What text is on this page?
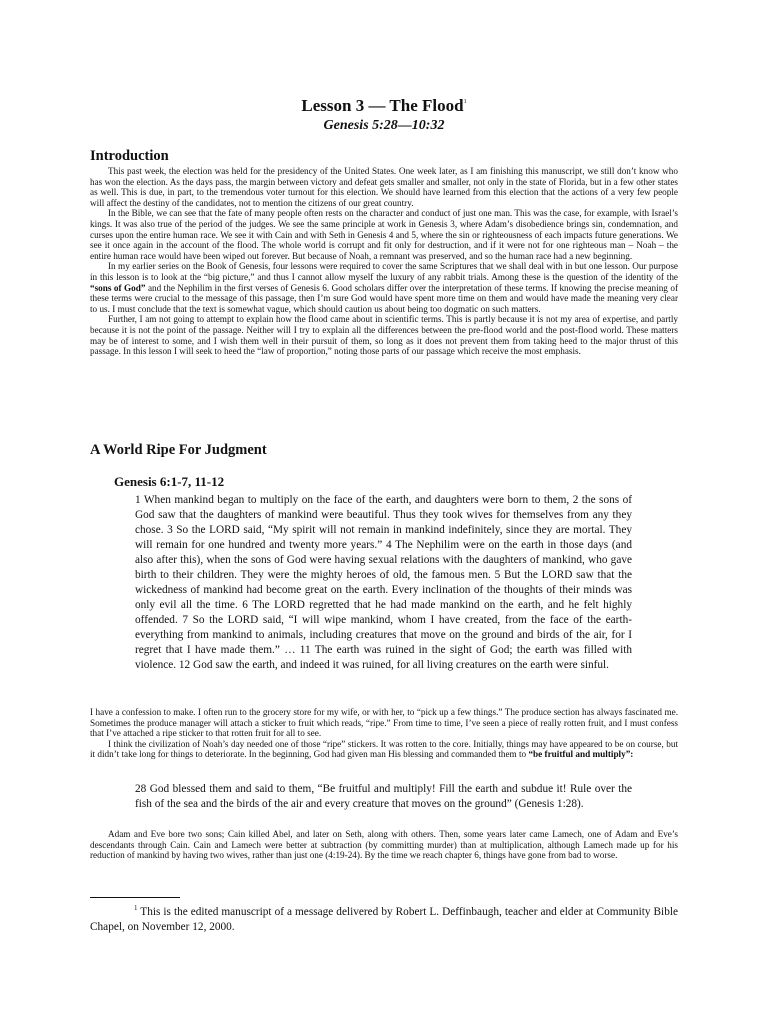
Lesson 3 — The Flood$^1$
Genesis 5:28—10:32
Introduction

This past week, the election was held for the presidency of the United States. One week later, as I am finishing this manuscript, we still don’t know who has won the election. As the days pass, the margin between victory and defeat gets smaller and smaller, not only in the state of Florida, but in a few other states as well. This is due, in part, to the tremendous voter turnout for this election. We should have learned from this election that the actions of a very few people will affect the destiny of the candidates, not to mention the citizens of our great country.

In the Bible, we can see that the fate of many people often rests on the character and conduct of just one man. This was the case, for example, with Israel’s kings. It was also true of the period of the judges. We see the same principle at work in Genesis 3, where Adam’s disobedience brings sin, condemnation, and curses upon the entire human race. We see it with Cain and with Seth in Genesis 4 and 5, where the sin or righteousness of each impacts future generations. We see it once again in the account of the flood. The whole world is corrupt and fit only for destruction, and if it were not for one righteous man – Noah – the entire human race would have been wiped out forever. But because of Noah, a remnant was preserved, and so the human race had a new beginning.

In my earlier series on the Book of Genesis, four lessons were required to cover the same Scriptures that we shall deal with in but one lesson. Our purpose in this lesson is to look at the “big picture,” and thus I cannot allow myself the luxury of any rabbit trials. Among these is the question of the identity of the “sons of God” and the Nephilim in the first verses of Genesis 6. Good scholars differ over the interpretation of these terms. If knowing the precise meaning of these terms were crucial to the message of this passage, then I’m sure God would have spent more time on them and would have made the meaning very clear to us. I must conclude that the text is somewhat vague, which should caution us about being too dogmatic on such matters.

Further, I am not going to attempt to explain how the flood came about in scientific terms. This is partly because it is not my area of expertise, and partly because it is not the point of the passage. Neither will I try to explain all the differences between the pre-flood world and the post-flood world. These matters may be of interest to some, and I wish them well in their pursuit of them, so long as it does not prevent them from taking heed to the major thrust of this passage. In this lesson I will seek to heed the “law of proportion,” noting those parts of our passage which receive the most emphasis.

A World Ripe For Judgment
Genesis 6:1-7, 11-12

1 When mankind began to multiply on the face of the earth, and daughters were born to them, 2 the sons of God saw that the daughters of mankind were beautiful. Thus they took wives for themselves from any they chose. 3 So the LORD said, “My spirit will not remain in mankind indefinitely, since they are mortal. They will remain for one hundred and twenty more years.” 4 The Nephilim were on the earth in those days (and also after this), when the sons of God were having sexual relations with the daughters of mankind, who gave birth to their children. They were the mighty heroes of old, the famous men. 5 But the LORD saw that the wickedness of mankind had become great on the earth. Every inclination of the thoughts of their minds was only evil all the time. 6 The LORD regretted that he had made mankind on the earth, and he felt highly offended. 7 So the LORD said, “I will wipe mankind, whom I have created, from the face of the earth-everything from mankind to animals, including creatures that move on the ground and birds of the air, for I regret that I have made them.” … 11 The earth was ruined in the sight of God; the earth was filled with violence. 12 God saw the earth, and indeed it was ruined, for all living creatures on the earth were sinful.

I have a confession to make. I often run to the grocery store for my wife, or with her, to “pick up a few things.” The produce section has always fascinated me. Sometimes the produce manager will attach a sticker to fruit which reads, “ripe.” From time to time, I’ve seen a piece of really rotten fruit, and I must confess that I’ve attached a ripe sticker to that rotten fruit for all to see.

I think the civilization of Noah’s day needed one of those “ripe” stickers. It was rotten to the core. Initially, things may have appeared to be on course, but it didn’t take long for things to deteriorate. In the beginning, God had given man His blessing and commanded them to “be fruitful and multiply”:

28 God blessed them and said to them, “Be fruitful and multiply! Fill the earth and subdue it! Rule over the fish of the sea and the birds of the air and every creature that moves on the ground” (Genesis 1:28).

Adam and Eve bore two sons; Cain killed Abel, and later on Seth, along with others. Then, some years later came Lamech, one of Adam and Eve’s descendants through Cain. Cain and Lamech were better at subtraction (by committing murder) than at multiplication, although Lamech made up for his reduction of mankind by having two wives, rather than just one (4:19-24). By the time we reach chapter 6, things have gone from bad to worse.

$^1$ This is the edited manuscript of a message delivered by Robert L. Deffinbaugh, teacher and elder at Community Bible Chapel, on November 12, 2000.
